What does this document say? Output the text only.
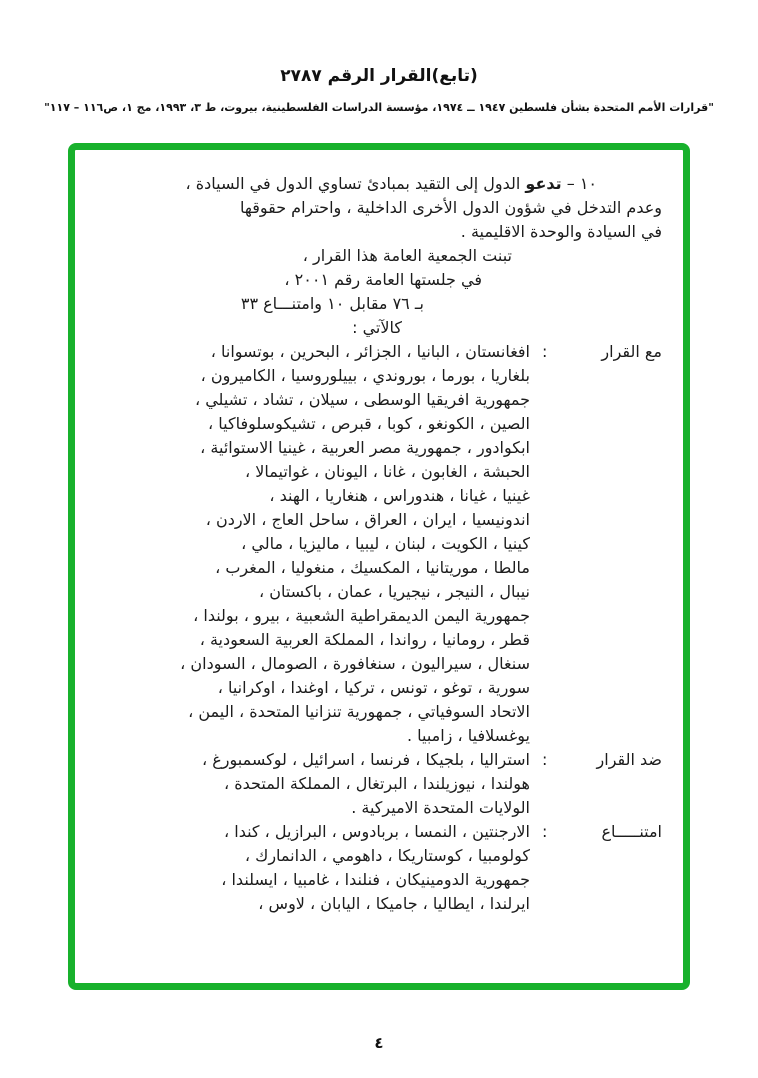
(تابع)القرار الرقم ٢٧٨٧
"قرارات الأمم المتحدة بشأن فلسطين ١٩٤٧ ــ ١٩٧٤، مؤسسة الدراسات الفلسطينية، بيروت، ط ٣، ١٩٩٣، مج ١، ص١١٦ – ١١٧"
١٠ – تدعو الدول إلى التقيد بمبادئ تساوي الدول في السيادة ،
وعدم التدخل في شؤون الدول الأخرى الداخلية ، واحترام حقوقها
في السيادة والوحدة الاقليمية .
تبنت الجمعية العامة هذا القرار ،
في جلستها العامة رقم ٢٠٠١ ،
بـ ٧٦ مقابل ١٠ وامتنـــاع ٣٣
كالآتي :
مع القرار
:
افغانستان ، البانيا ، الجزائر ، البحرين ، بوتسوانا ،
بلغاريا ، بورما ، بوروندي ، بييلوروسيا ، الكاميرون ،
جمهورية افريقيا الوسطى ، سيلان ، تشاد ، تشيلي ،
الصين ، الكونغو ، كوبا ، قبرص ، تشيكوسلوفاكيا ،
ابكوادور ، جمهورية مصر العربية ، غينيا الاستوائية ،
الحبشة ، الغابون ، غانا ، اليونان ، غواتيمالا ،
غينيا ، غيانا ، هندوراس ، هنغاريا ، الهند ،
اندونيسيا ، ايران ، العراق ، ساحل العاج ، الاردن ،
كينيا ، الكويت ، لبنان ، ليبيا ، ماليزيا ، مالي ،
مالطا ، موريتانيا ، المكسيك ، منغوليا ، المغرب ،
نيبال ، النيجر ، نيجيريا ، عمان ، باكستان ،
جمهورية اليمن الديمقراطية الشعبية ، بيرو ، بولندا ،
قطر ، رومانيا ، رواندا ، المملكة العربية السعودية ،
سنغال ، سيراليون ، سنغافورة ، الصومال ، السودان ،
سورية ، توغو ، تونس ، تركيا ، اوغندا ، اوكرانيا ،
الاتحاد السوفياتي ، جمهورية تنزانيا المتحدة ، اليمن ،
يوغسلافيا ، زامبيا .
ضد القرار
:
استراليا ، بلجيكا ، فرنسا ، اسرائيل ، لوكسمبورغ ،
هولندا ، نيوزيلندا ، البرتغال ، المملكة المتحدة ،
الولايات المتحدة الاميركية .
امتنـــــاع
:
الارجنتين ، النمسا ، بربادوس ، البرازيل ، كندا ،
كولومبيا ، كوستاريكا ، داهومي ، الدانمارك ،
جمهورية الدومينيكان ، فنلندا ، غامبيا ، ايسلندا ،
ايرلندا ، ايطاليا ، جاميكا ، اليابان ، لاوس ،
٤
